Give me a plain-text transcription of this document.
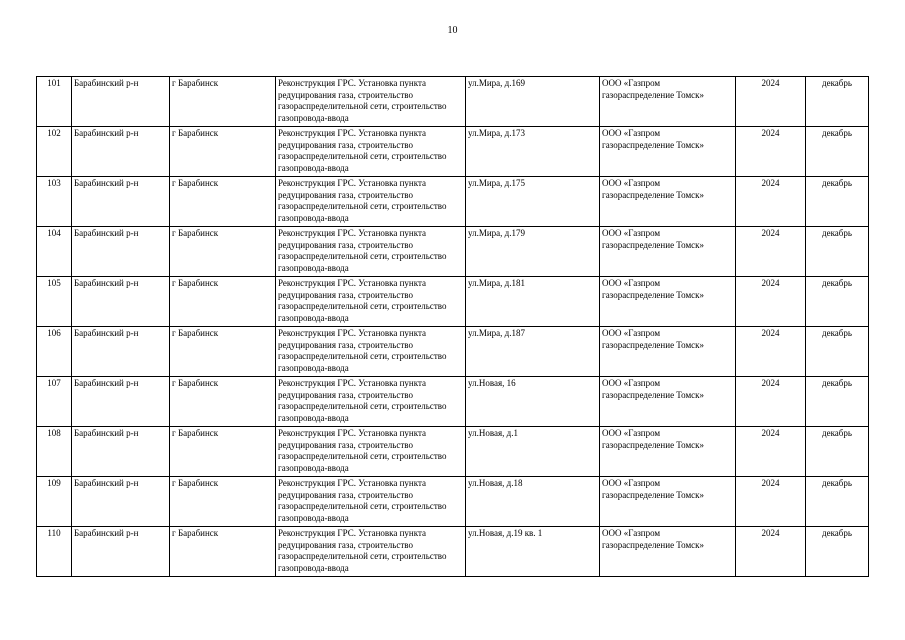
10
101	Барабинский р-н	г Барабинск	Реконструкция ГРС. Установка пункта редуцирования газа, строительство газораспределительной сети, строительство газопровода-ввода	ул.Мира, д.169	ООО «Газпром газораспределение Томск»	2024	декабрь
102	Барабинский р-н	г Барабинск	Реконструкция ГРС. Установка пункта редуцирования газа, строительство газораспределительной сети, строительство газопровода-ввода	ул.Мира, д.173	ООО «Газпром газораспределение Томск»	2024	декабрь
103	Барабинский р-н	г Барабинск	Реконструкция ГРС. Установка пункта редуцирования газа, строительство газораспределительной сети, строительство газопровода-ввода	ул.Мира, д.175	ООО «Газпром газораспределение Томск»	2024	декабрь
104	Барабинский р-н	г Барабинск	Реконструкция ГРС. Установка пункта редуцирования газа, строительство газораспределительной сети, строительство газопровода-ввода	ул.Мира, д.179	ООО «Газпром газораспределение Томск»	2024	декабрь
105	Барабинский р-н	г Барабинск	Реконструкция ГРС. Установка пункта редуцирования газа, строительство газораспределительной сети, строительство газопровода-ввода	ул.Мира, д.181	ООО «Газпром газораспределение Томск»	2024	декабрь
106	Барабинский р-н	г Барабинск	Реконструкция ГРС. Установка пункта редуцирования газа, строительство газораспределительной сети, строительство газопровода-ввода	ул.Мира, д.187	ООО «Газпром газораспределение Томск»	2024	декабрь
107	Барабинский р-н	г Барабинск	Реконструкция ГРС. Установка пункта редуцирования газа, строительство газораспределительной сети, строительство газопровода-ввода	ул.Новая, 16	ООО «Газпром газораспределение Томск»	2024	декабрь
108	Барабинский р-н	г Барабинск	Реконструкция ГРС. Установка пункта редуцирования газа, строительство газораспределительной сети, строительство газопровода-ввода	ул.Новая, д.1	ООО «Газпром газораспределение Томск»	2024	декабрь
109	Барабинский р-н	г Барабинск	Реконструкция ГРС. Установка пункта редуцирования газа, строительство газораспределительной сети, строительство газопровода-ввода	ул.Новая, д.18	ООО «Газпром газораспределение Томск»	2024	декабрь
110	Барабинский р-н	г Барабинск	Реконструкция ГРС. Установка пункта редуцирования газа, строительство газораспределительной сети, строительство газопровода-ввода	ул.Новая, д.19 кв. 1	ООО «Газпром газораспределение Томск»	2024	декабрь
